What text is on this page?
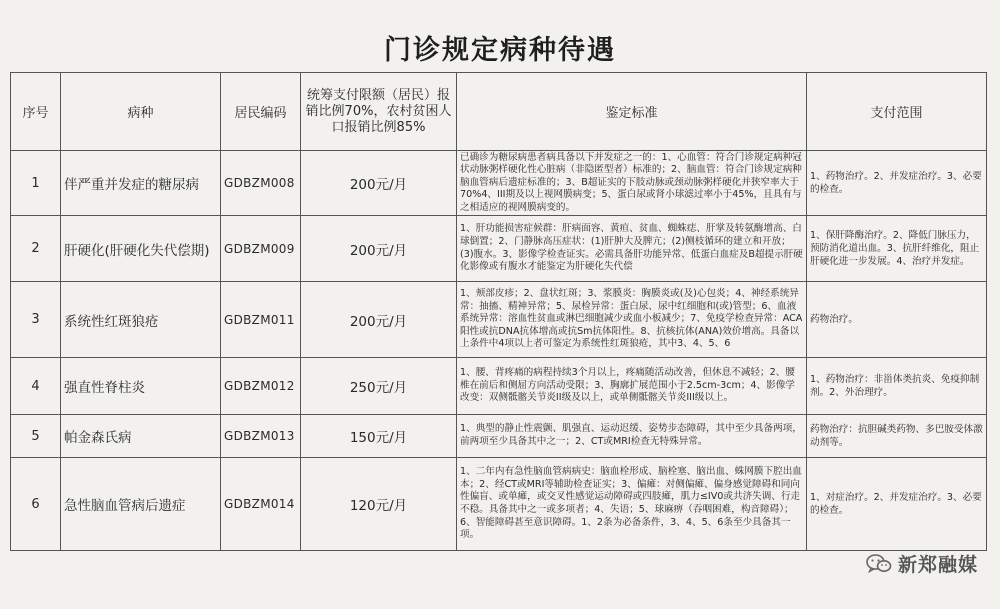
门诊规定病种待遇
序号	病种	居民编码	统筹支付限额（居民）报销比例70%，农村贫困人口报销比例85%	鉴定标准	支付范围
1	伴严重并发症的糖尿病	GDBZM008	200元/月	已确诊为糖尿病患者病具备以下并发症之一的：1、心血管：符合门诊规定病种冠状动脉粥样硬化性心脏病（非隐匿型者）标准的；2、脑血管：符合门诊规定病种脑血管病后遗症标准的；3、B超证实的下肢动脉或颈动脉粥样硬化并狭窄率大于70%4、III期及以上视网膜病变；5、蛋白尿或肾小球滤过率小于45%，且具有与之相适应的视网膜病变的。	1、药物治疗。2、并发症治疗。3、必要的检查。
2	肝硬化(肝硬化失代偿期)	GDBZM009	200元/月	1、肝功能损害症候群：肝病面容、黄疸、贫血、蜘蛛痣、肝掌及转氨酶增高、白球倒置；2、门静脉高压症状：(1)肝肿大及脾亢；(2)侧枝循环的建立和开放；(3)腹水。3、影像学检查证实。必需具备肝功能异常、低蛋白血症及B超提示肝硬化影像或有腹水才能鉴定为肝硬化失代偿	1、保肝降酶治疗。2、降低门脉压力，预防消化道出血。3、抗肝纤维化，阻止肝硬化进一步发展。4、治疗并发症。
3	系统性红斑狼疮	GDBZM011	200元/月	1、颊部皮疹；2、盘状红斑；3、浆膜炎：胸膜炎或(及)心包炎；4、神经系统异常：抽搐、精神异常；5、尿检异常：蛋白尿、尿中红细胞和(或)管型；6、血液系统异常：溶血性贫血或淋巴细胞减少或血小板减少；7、免疫学检查异常：ACA阳性或抗DNA抗体增高或抗Sm抗体阳性。8、抗核抗体(ANA)效价增高。具备以上条件中4项以上者可鉴定为系统性红斑狼疮，其中3、4、5、6	药物治疗。
4	强直性脊柱炎	GDBZM012	250元/月	1、腰、背疼痛的病程持续3个月以上，疼痛随活动改善，但休息不减轻；2、腰椎在前后和侧屈方向活动受限；3、胸廓扩展范围小于2.5cm-3cm；4、影像学改变：双侧骶髂关节炎II级及以上，或单侧骶髂关节炎III级以上。	1、药物治疗：非甾体类抗炎、免疫抑制剂。2、外治理疗。
5	帕金森氏病	GDBZM013	150元/月	1、典型的静止性震颤、肌强直、运动迟缓、姿势步态障碍，其中至少具备两项，前两项至少具备其中之一；2、CT或MRI检查无特殊异常。	药物治疗：抗胆碱类药物、多巴胺受体激动剂等。
6	急性脑血管病后遗症	GDBZM014	120元/月	1、二年内有急性脑血管病病史：脑血栓形成、脑栓塞、脑出血、蛛网膜下腔出血本；2、经CT或MRI等辅助检查证实；3、偏瘫：对侧偏瘫、偏身感觉障碍和同向性偏盲、或单瘫，或交叉性感觉运动障碍或四肢瘫，肌力≤IV0或共济失调、行走不稳。具备其中之一或多项者；4、失语；5、球麻痹（吞咽困难，构音障碍）；6、智能障碍甚至意识障碍。1、2条为必备条件，3、4、5、6条至少具备其一项。	1、对症治疗。2、并发症治疗。3、必要的检查。
新郑融媒
